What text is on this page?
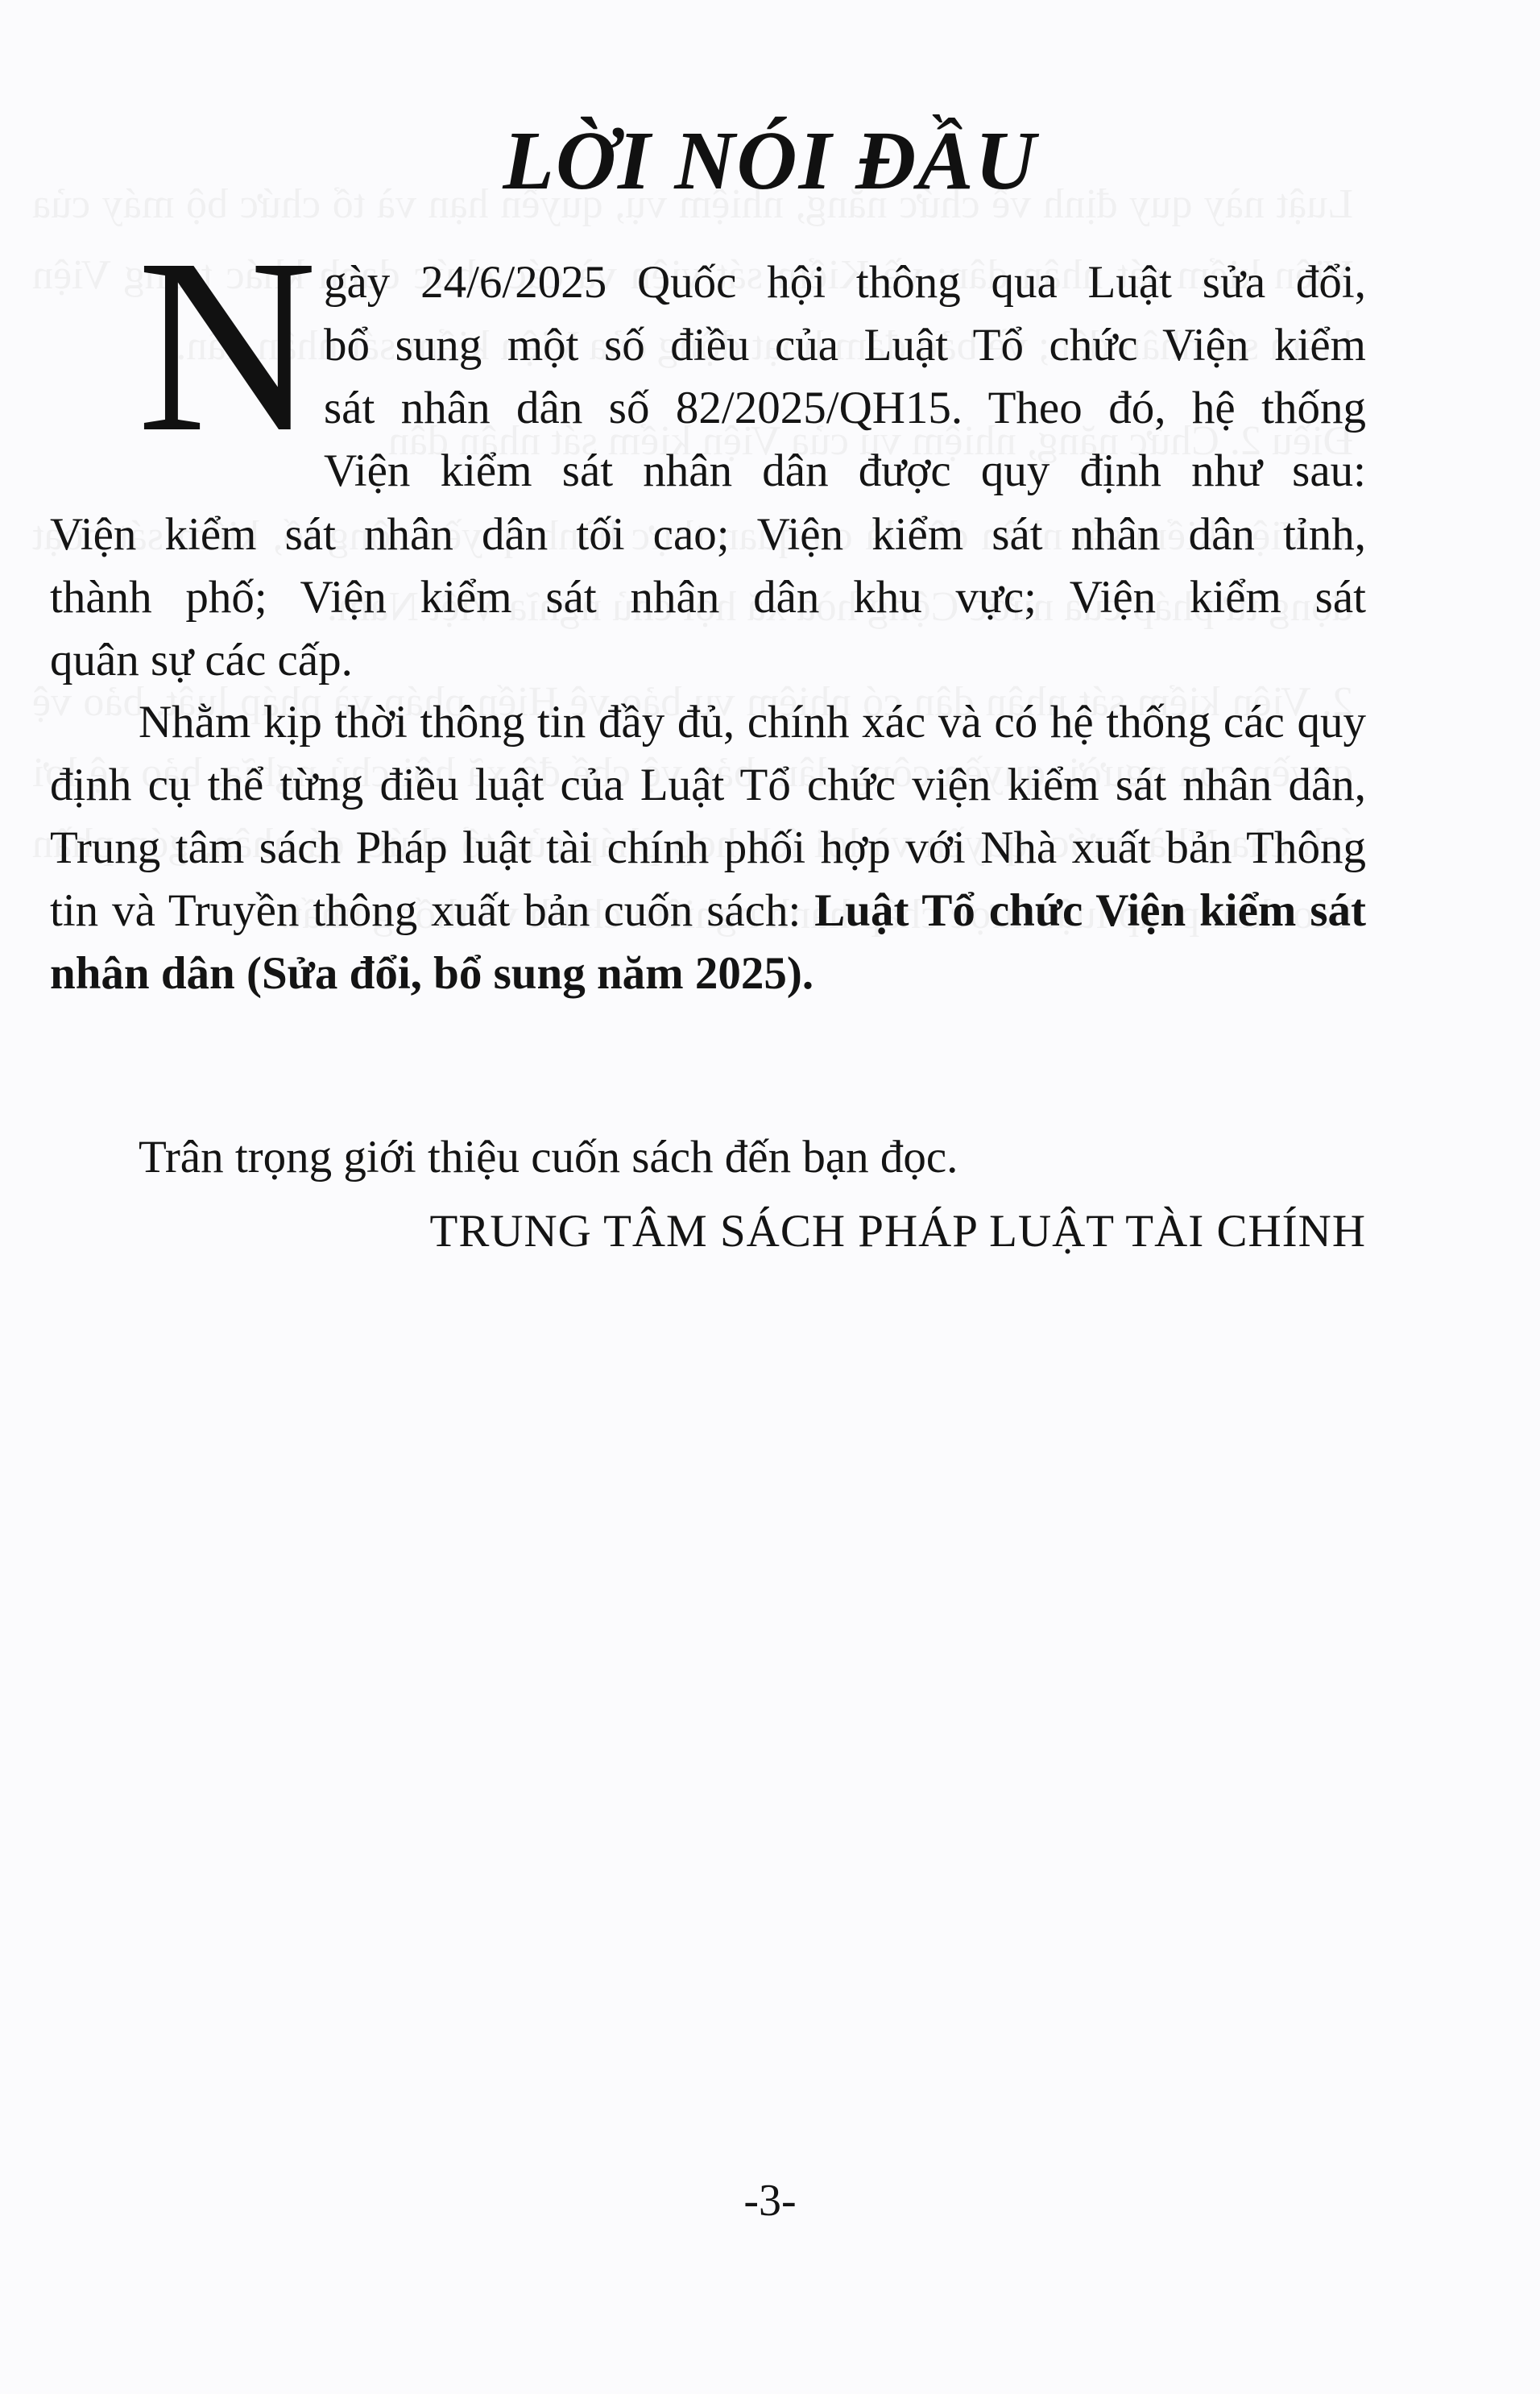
LỜI NÓI ĐẦU
N gày 24/6/2025 Quốc hội thông qua Luật sửa đổi,
bổ sung một số điều của Luật Tổ chức Viện kiểm
sát nhân dân số 82/2025/QH15. Theo đó, hệ thống
Viện kiểm sát nhân dân được quy định như sau:
Viện kiểm sát nhân dân tối cao; Viện kiểm sát nhân dân tỉnh,
thành phố; Viện kiểm sát nhân dân khu vực; Viện kiểm sát
quân sự các cấp.

Nhằm kịp thời thông tin đầy đủ, chính xác và có hệ thống các quy định cụ thể từng điều luật của Luật Tổ chức viện kiểm sát nhân dân, Trung tâm sách Pháp luật tài chính phối hợp với Nhà xuất bản Thông tin và Truyền thông xuất bản cuốn sách: Luật Tổ chức Viện kiểm sát nhân dân (Sửa đổi, bổ sung năm 2025).

Trân trọng giới thiệu cuốn sách đến bạn đọc.

TRUNG TÂM SÁCH PHÁP LUẬT TÀI CHÍNH
-3-
